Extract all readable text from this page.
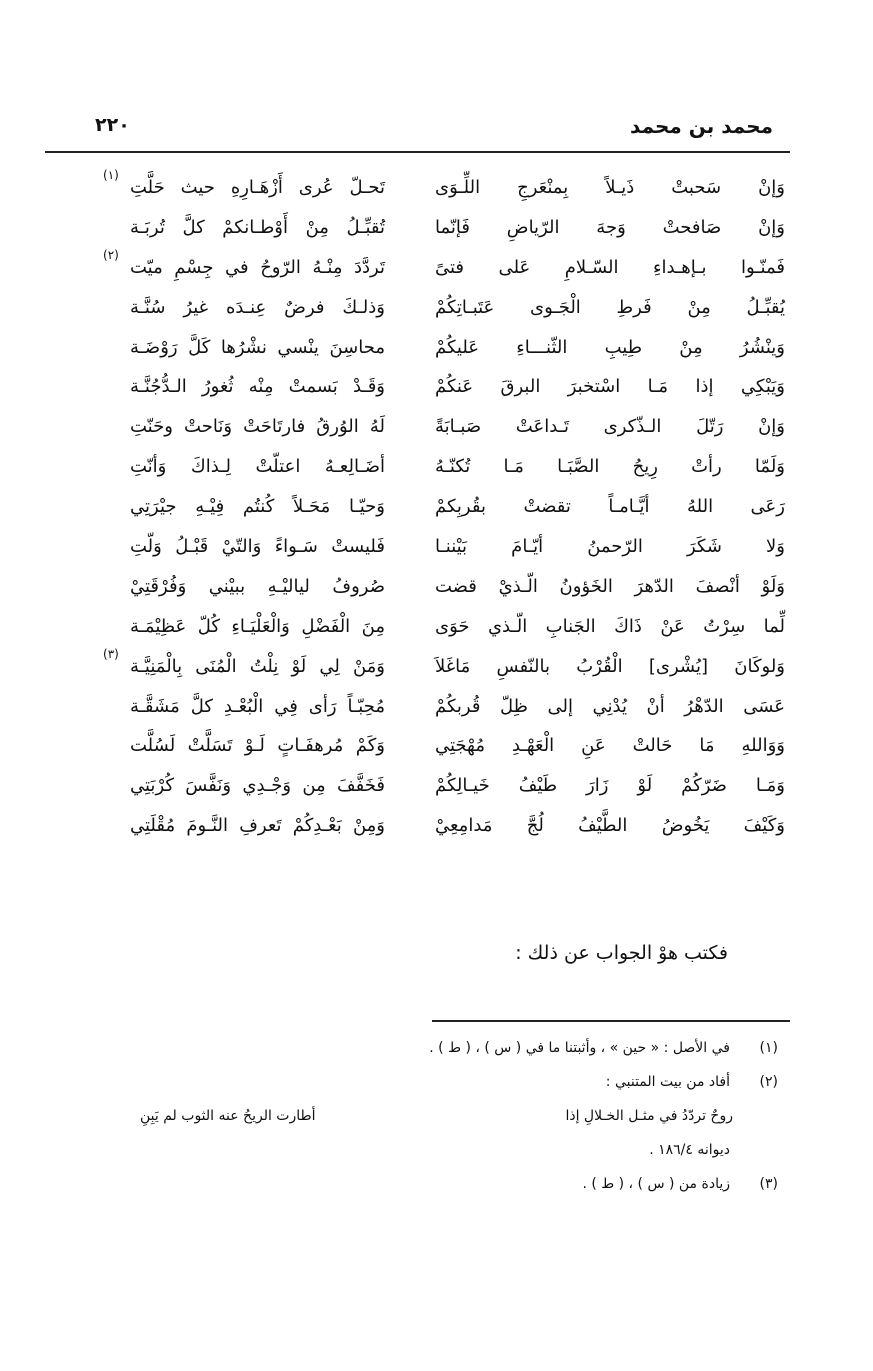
محمد بن محمد
٢٢٠
وَإنْ سَحبتْ ذَيـلاً بِمنْعَرجِ اللِّـوَى
تَحـلّ عُرى أَزْهَـارِهِ حيث حَلَّتِ
(١)
وَإنْ صَافحتْ وَجهَ الرّياضِ فَإنّما
تُقبِّـلُ مِنْ أَوْطـانكمْ كلَّ تُربَـة
فَمنّـوا بـإهـداءِ السّـلامِ عَلى فتىً
تَردَّدَ مِنْـهُ الرّوحُ في جِسْمِ ميّت
(٢)
يُقبِّـلُ مِنْ فَرطِ الْجَـوى عَتَبـاتِكُمْ
وَذلـكَ فرضٌ عِنـدَه غيرُ سُنَّـة
وَينْشُرُ مِنْ طِيبِ الثّنـــاءِ عَليكُمْ
محاسِنَ ينْسي نشْرُها كَلَّ رَوْضَـة
وَيَبْكِي إذا مَـا اسْتخبرَ البرقَ عَنكُمْ
وَقَـدْ بَسمتْ مِنْه ثُغورُ الـدُّجُنَّـة
وَإنْ رَتّلَ الـذّكرى تَـداعَتْ صَبـابَةً
لَهُ الوُرقُ فارتَاحَتْ وَنَاحتْ وحَنّتِ
وَلَمّا رأتْ رِيحُ الصَّبَـا مَـا تُكنّـهُ
أضَـالِعـهُ اعتلّتْ لِـذاكَ وَأنّتِ
رَعَى اللهُ أيَّـامـاً تقضتْ بقُربِكمْ
وَحيّـا مَحَـلاً كُنتُم فِيْـهِ جيْرَتِي
وَلا شَكَرَ الرّحمنُ أيّـامَ بَيْننـا
فَليستْ سَـواءً وَالتّيْ قَبْـلُ وَلّتِ
وَلَوْ أنْصفَ الدّهرَ الخَؤونُ الّـذيْ قضت
صُروفُ لياليْـهِ ببيْني وَفُرْقَتِيْ
لِّما سِرْتُ عَنْ ذَاكَ الجَنابِ الّـذي حَوَى
مِنَ الْفَضْلِ وَالْعَلْيَـاءِ كُلّ عَظِيْمَـة
وَلوكَانَ [يُشْرى] الْقُرْبُ بالنّفسِ مَاغَلاَ
وَمَنْ لِي لَوْ نِلْتُ الْمُنَى بِالْمَنِيَّـة
(٣)
عَسَى الدّهْرُ أنْ يُدْنِي إلى ظِلّ قُربكُمْ
مُحِبّـاً رَأى فِي الْبُعْـدِ كلَّ مَشَقَّـة
وَوَاللهِ مَا حَالتْ عَنِ الْعَهْـدِ مُهْجَتِي
وَكَمْ مُرهفَـاتٍ لَـوْ تَسَلَّتْ لَسُلَّت
وَمَـا ضَرّكُمْ لَوْ زَارَ طَيْفُ خَيـالِكُمْ
فَخَفَّفَ مِن وَجْـدِي وَنَفَّسَ كُرْبَتِي
وَكَيْفَ يَخُوضُ الطَّيْفُ لُجَّ مَدامِعِيْ
وَمِنْ بَعْـدِكُمْ تَعرفِ النَّـومَ مُقْلَتِي
فكتب هوْ الجواب عن ذلك :
(١)في الأصل : « حين » ، وأثبتنا ما في ( س ) ، ( ط ) .
(٢)أفاد من بيت المتنبي :
روحٌ تردّدُ في مثـل الخـلالِ إذا
أطارت الريحُ عنه الثوب لم يَبِنِ
ديوانه ١٨٦/٤ .
(٣)زيادة من ( س ) ، ( ط ) .
